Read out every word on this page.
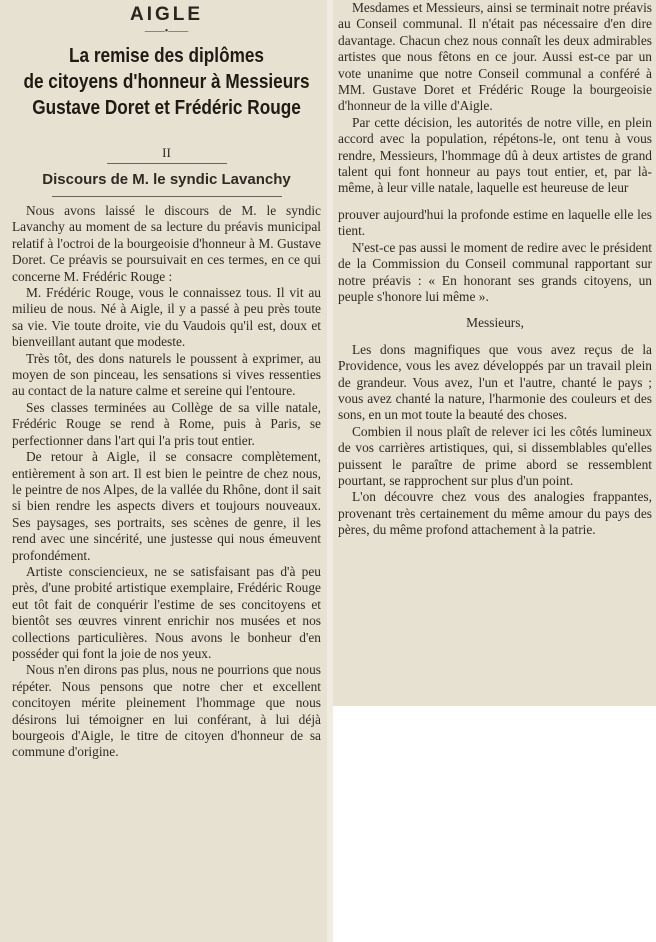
AIGLE
——•——
La remise des diplômes
de citoyens d'honneur à Messieurs
Gustave Doret et Frédéric Rouge
II
Discours de M. le syndic Lavanchy

Nous avons laissé le discours de M. le syndic Lavanchy au moment de sa lecture du préavis municipal relatif à l'octroi de la bourgeoisie d'honneur à M. Gustave Doret. Ce préavis se poursuivait en ces termes, en ce qui concerne M. Frédéric Rouge :

M. Frédéric Rouge, vous le connaissez tous. Il vit au milieu de nous. Né à Aigle, il y a passé à peu près toute sa vie. Vie toute droite, vie du Vaudois qu'il est, doux et bienveillant autant que modeste.

Très tôt, des dons naturels le poussent à exprimer, au moyen de son pinceau, les sensations si vives ressenties au contact de la nature calme et sereine qui l'entoure.

Ses classes terminées au Collège de sa ville natale, Frédéric Rouge se rend à Rome, puis à Paris, se perfectionner dans l'art qui l'a pris tout entier.

De retour à Aigle, il se consacre complètement, entièrement à son art. Il est bien le peintre de chez nous, le peintre de nos Alpes, de la vallée du Rhône, dont il sait si bien rendre les aspects divers et toujours nouveaux. Ses paysages, ses portraits, ses scènes de genre, il les rend avec une sincérité, une justesse qui nous émeuvent profondément.

Artiste consciencieux, ne se satisfaisant pas d'à peu près, d'une probité artistique exemplaire, Frédéric Rouge eut tôt fait de conquérir l'estime de ses concitoyens et bientôt ses œuvres vinrent enrichir nos musées et nos collections particulières. Nous avons le bonheur d'en posséder qui font la joie de nos yeux.

Nous n'en dirons pas plus, nous ne pourrions que nous répéter. Nous pensons que notre cher et excellent concitoyen mérite pleinement l'hommage que nous désirons lui témoigner en lui conférant, à lui déjà bourgeois d'Aigle, le titre de citoyen d'honneur de sa commune d'origine.

Mesdames et Messieurs, ainsi se terminait notre préavis au Conseil communal. Il n'était pas nécessaire d'en dire davantage. Chacun chez nous connaît les deux admirables artistes que nous fêtons en ce jour. Aussi est-ce par un vote unanime que notre Conseil communal a conféré à MM. Gustave Doret et Frédéric Rouge la bourgeoisie d'honneur de la ville d'Aigle.

Par cette décision, les autorités de notre ville, en plein accord avec la population, répétons-le, ont tenu à vous rendre, Messieurs, l'hommage dû à deux artistes de grand talent qui font honneur au pays tout entier, et, par là-même, à leur ville natale, laquelle est heureuse de leur

prouver aujourd'hui la profonde estime en laquelle elle les tient.

N'est-ce pas aussi le moment de redire avec le président de la Commission du Conseil communal rapportant sur notre préavis : « En honorant ses grands citoyens, un peuple s'honore lui même ».

Messieurs,

Les dons magnifiques que vous avez reçus de la Providence, vous les avez développés par un travail plein de grandeur. Vous avez, l'un et l'autre, chanté le pays ; vous avez chanté la nature, l'harmonie des couleurs et des sons, en un mot toute la beauté des choses.

Combien il nous plaît de relever ici les côtés lumineux de vos carrières artistiques, qui, si dissemblables qu'elles puissent le paraître de prime abord se ressemblent pourtant, se rapprochent sur plus d'un point.

L'on découvre chez vous des analogies frappantes, provenant très certainement du même amour du pays des pères, du même profond attachement à la patrie.
